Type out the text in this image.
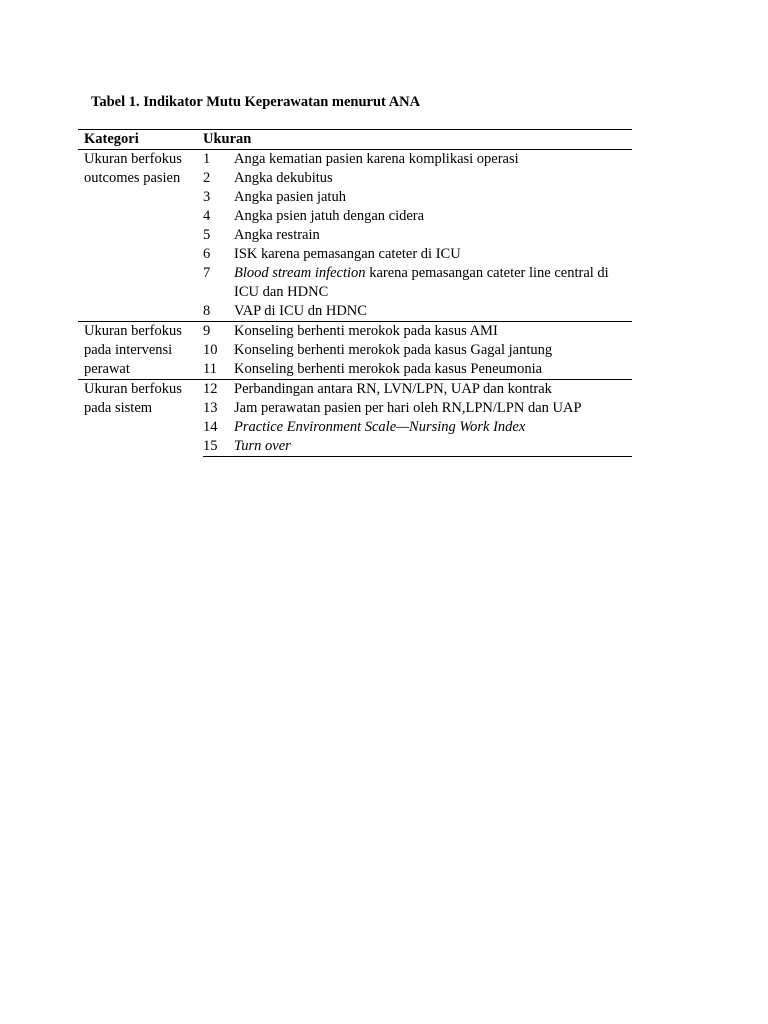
Tabel 1. Indikator Mutu Keperawatan menurut ANA
Kategori	Ukuran	
Ukuran berfokus outcomes pasien	1	Anga kematian pasien karena komplikasi operasi
	2	Angka dekubitus
	3	Angka pasien jatuh
	4	Angka psien jatuh dengan cidera
	5	Angka restrain
	6	ISK karena pemasangan cateter di ICU
	7	Blood stream infection karena pemasangan cateter line central di ICU dan HDNC
	8	VAP di ICU dn HDNC
Ukuran berfokus pada intervensi perawat	9	Konseling berhenti merokok pada kasus AMI
	10	Konseling berhenti merokok pada kasus Gagal jantung
	11	Konseling berhenti merokok pada kasus Peneumonia
Ukuran berfokus pada sistem	12	Perbandingan antara RN, LVN/LPN, UAP dan kontrak
	13	Jam perawatan pasien per hari oleh RN,LPN/LPN dan UAP
	14	Practice Environment Scale—Nursing Work Index
	15	Turn over
